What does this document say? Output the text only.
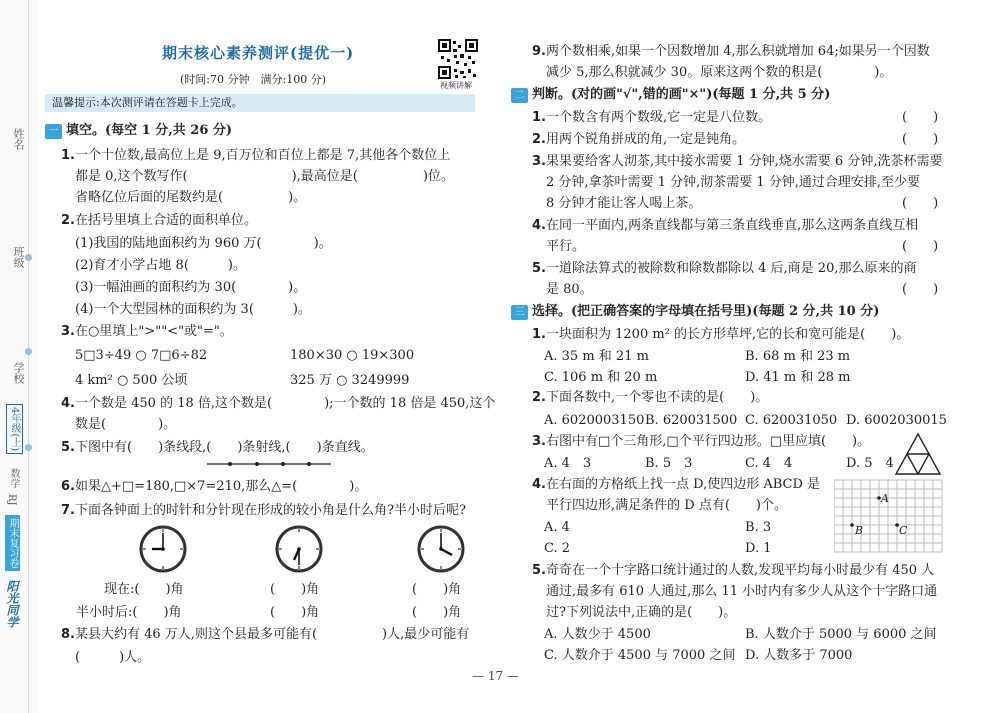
姓名
班级
学校
4年级(上)
数学
RJ
期末复习卷
阳光同学
期末核心素养测评(提优一)
(时间:70 分钟　满分:100 分)	视频讲解
温馨提示:本次测评请在答题卡上完成。
一 填空。(每空 1 分,共 26 分)
1. 一个十位数,最高位上是 9,百万位和百位上都是 7,其他各个数位上
都是 0,这个数写作(　　　　　　　　),最高位是(　　　　　)位。
省略亿位后面的尾数约是(　　　　　)。
2. 在括号里填上合适的面积单位。
(1)我国的陆地面积约为 960 万(　　　　)。
(2)育才小学占地 8(　　　)。
(3)一幅油画的面积约为 30(　　　　)。
(4)一个大型园林的面积约为 3(　　　)。
3. 在○里填上">""<"或"="。
5□3÷49 ○ 7□6÷82	180×30 ○ 19×300
4 km² ○ 500 公顷	325 万 ○ 3249999
4. 一个数是 450 的 18 倍,这个数是(　　　　);一个数的 18 倍是 450,这个
数是(　　　　)。
5. 下图中有(　　)条线段,(　　)条射线,(　　)条直线。
6. 如果△+□=180,□×7=210,那么△=(　　　　)。
7. 下面各钟面上的时针和分针现在形成的较小角是什么角?半小时后呢?
现在:(　　)角	(　　)角	(　　)角
半小时后:(　　)角	(　　)角	(　　)角
8. 某县大约有 46 万人,则这个县最多可能有(　　　　　)人,最少可能有
(　　　)人。
9. 两个数相乘,如果一个因数增加 4,那么积就增加 64;如果另一个因数
减少 5,那么积就减少 30。原来这两个数的积是(　　　　)。
二 判断。(对的画"√",错的画"×")(每题 1 分,共 5 分)
1. 一个数含有两个数级,它一定是八位数。	(　　)
2. 用两个锐角拼成的角,一定是钝角。	(　　)
3. 果果要给客人沏茶,其中接水需要 1 分钟,烧水需要 6 分钟,洗茶杯需要
2 分钟,拿茶叶需要 1 分钟,沏茶需要 1 分钟,通过合理安排,至少要
8 分钟才能让客人喝上茶。	(　　)
4. 在同一平面内,两条直线都与第三条直线垂直,那么这两条直线互相
平行。	(　　)
5. 一道除法算式的被除数和除数都除以 4 后,商是 20,那么原来的商
是 80。	(　　)
三 选择。(把正确答案的字母填在括号里)(每题 2 分,共 10 分)
1. 一块面积为 1200 m² 的长方形草坪,它的长和宽可能是(　　)。
A. 35 m 和 21 m	B. 68 m 和 23 m
C. 106 m 和 20 m	D. 41 m 和 28 m
2. 下面各数中,一个零也不读的是(　　)。
A. 6020003150 B. 620031500 C. 620031050 D. 6002030015
3. 右图中有□个三角形,□个平行四边形。□里应填(　　)。
A. 4　3	B. 5　3	C. 4　4	D. 5　4
4. 在右面的方格纸上找一点 D,使四边形 ABCD 是
平行四边形,满足条件的 D 点有(　　)个。
A. 4	B. 3
C. 2	D. 1
A
B	C
5. 奇奇在一个十字路口统计通过的人数,发现平均每小时最少有 450 人
通过,最多有 610 人通过,那么 11 小时内有多少人从这个十字路口通
过?下列说法中,正确的是(　　)。
A. 人数少于 4500	B. 人数介于 5000 与 6000 之间
C. 人数介于 4500 与 7000 之间 D. 人数多于 7000
— 17 —
